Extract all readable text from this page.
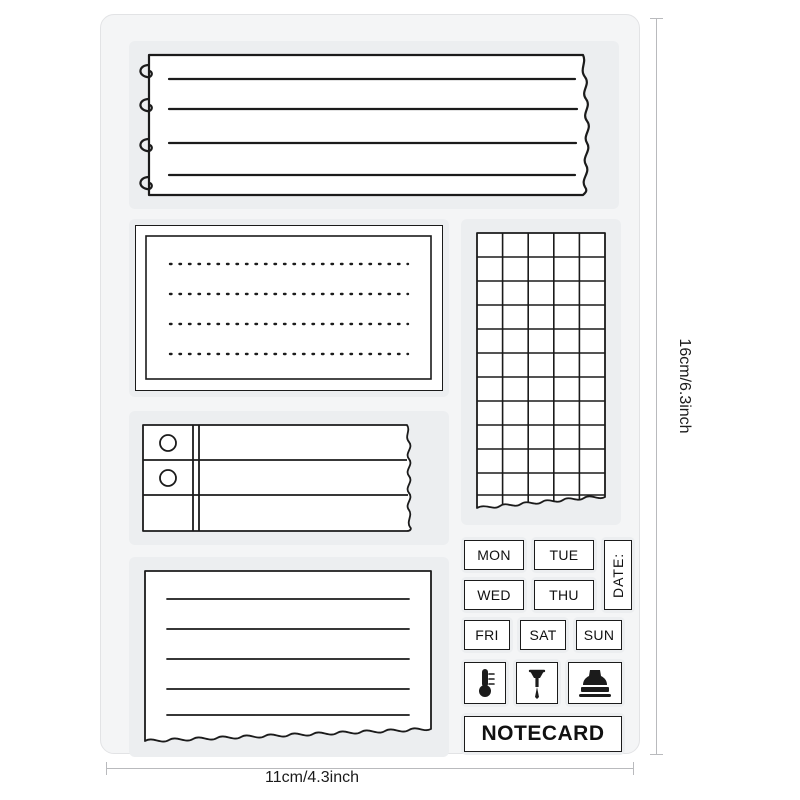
MON	TUE
WED	THU
FRI	SAT	SUN
DATE:
NOTECARD
11cm/4.3inch
16cm/6.3inch
